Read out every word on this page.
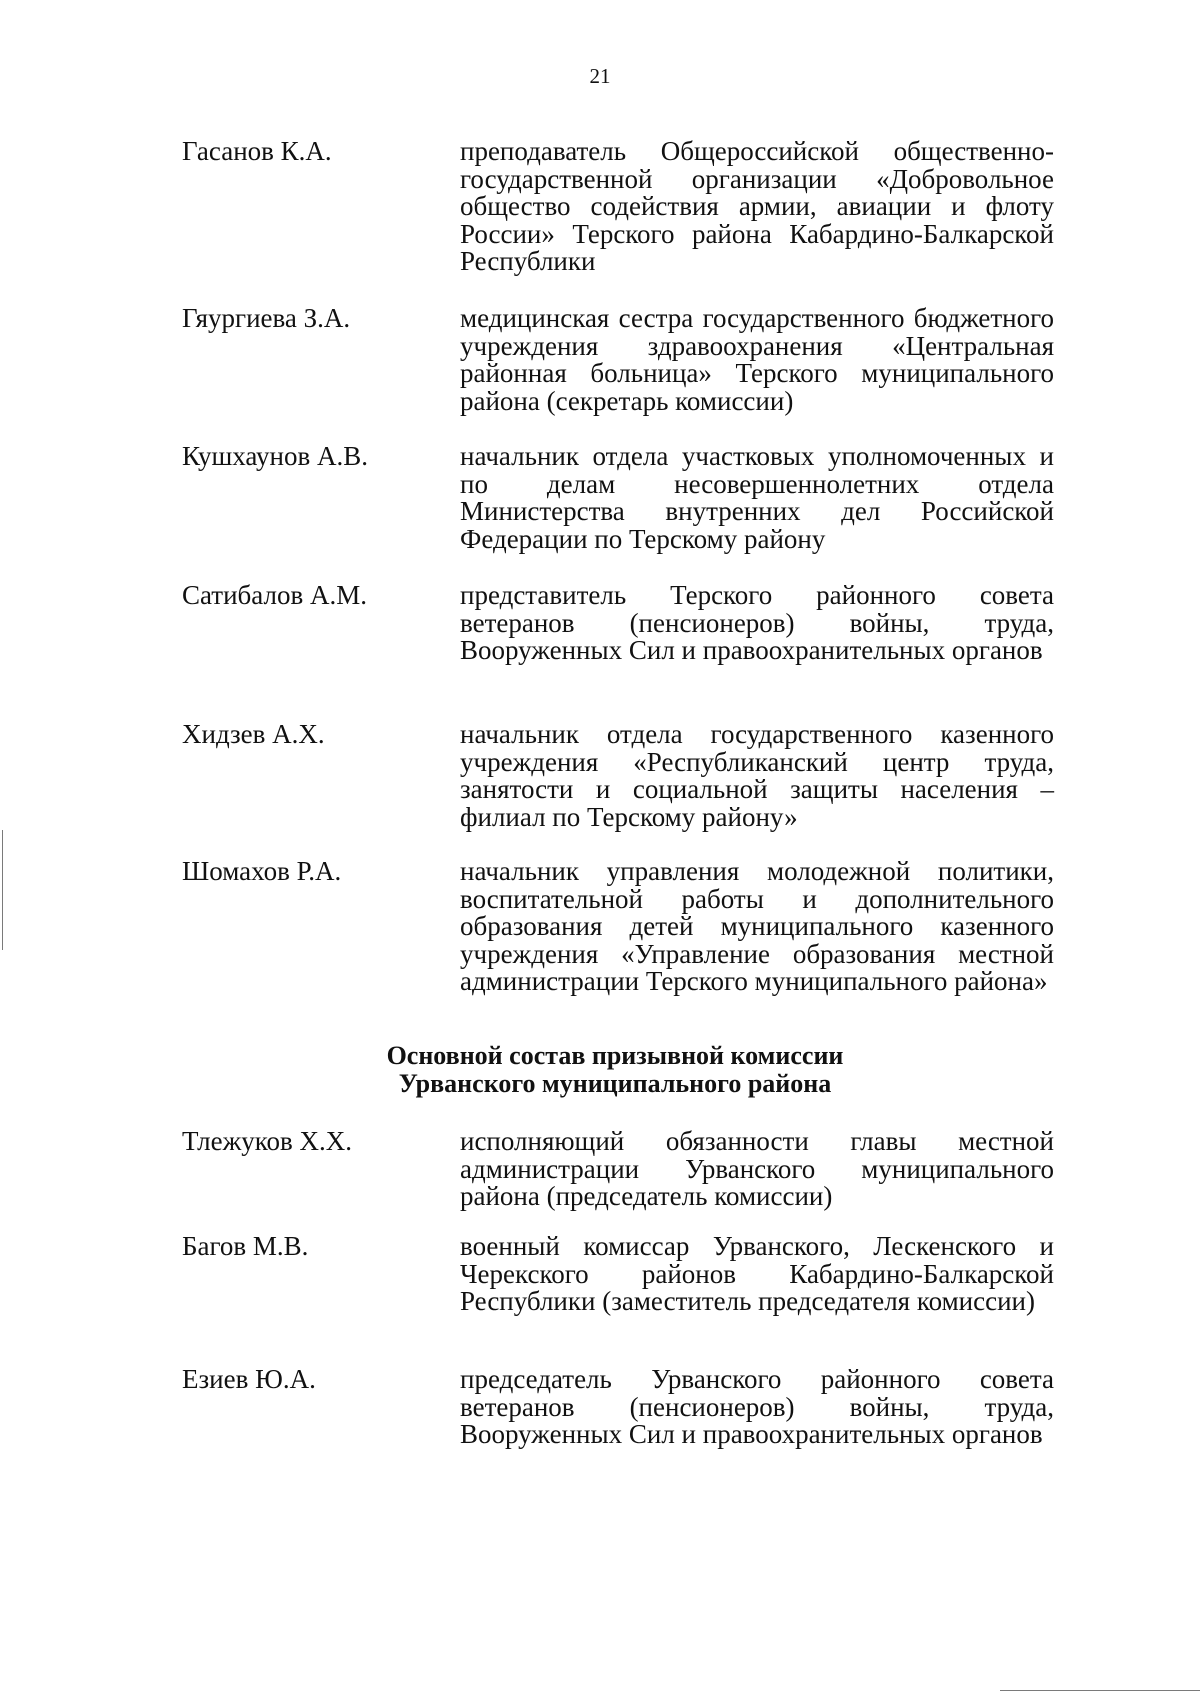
21
Гасанов К.А.	преподаватель Общероссийской общественно-государственной организации «Добровольное общество содействия армии, авиации и флоту России» Терского района Кабардино-Балкарской Республики
Гяургиева З.А.	медицинская сестра государственного бюджетного учреждения здравоохранения «Центральная районная больница» Терского муниципального района (секретарь комиссии)
Кушхаунов А.В.	начальник отдела участковых уполномоченных и по делам несовершеннолетних отдела Министерства внутренних дел Российской Федерации по Терскому району
Сатибалов А.М.	представитель Терского районного совета ветеранов (пенсионеров) войны, труда, Вооруженных Сил и правоохранительных органов
Хидзев А.Х.	начальник отдела государственного казенного учреждения «Республиканский центр труда, занятости и социальной защиты населения – филиал по Терскому району»
Шомахов Р.А.	начальник управления молодежной политики, воспитательной работы и дополнительного образования детей муниципального казенного учреждения «Управление образования местной администрации Терского муниципального района»
Основной состав призывной комиссии
Урванского муниципального района
Тлежуков Х.Х.	исполняющий обязанности главы местной администрации Урванского муниципального района (председатель комиссии)
Багов М.В.	военный комиссар Урванского, Лескенского и Черекского районов Кабардино-Балкарской Республики (заместитель председателя комиссии)
Езиев Ю.А.	председатель Урванского районного совета ветеранов (пенсионеров) войны, труда, Вооруженных Сил и правоохранительных органов
